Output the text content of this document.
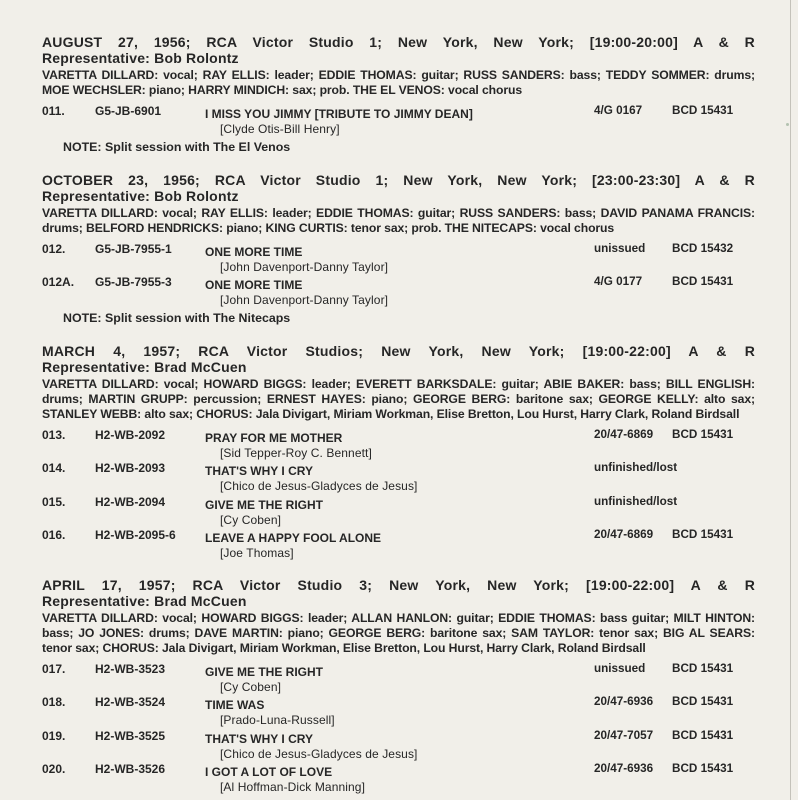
AUGUST 27, 1956; RCA Victor Studio 1; New York, New York; [19:00-20:00] A & R
Representative: Bob Rolontz
VARETTA DILLARD: vocal; RAY ELLIS: leader; EDDIE THOMAS: guitar; RUSS SANDERS: bass; TEDDY SOMMER: drums; MOE WECHSLER: piano; HARRY MINDICH: sax; prob. THE EL VENOS: vocal chorus
011.	G5-JB-6901	I MISS YOU JIMMY [TRIBUTE TO JIMMY DEAN]
[Clyde Otis-Bill Henry]
4/G 0167	BCD 15431
NOTE: Split session with The El Venos
OCTOBER 23, 1956; RCA Victor Studio 1; New York, New York; [23:00-23:30] A & R
Representative: Bob Rolontz
VARETTA DILLARD: vocal; RAY ELLIS: leader; EDDIE THOMAS: guitar; RUSS SANDERS: bass; DAVID PANAMA FRANCIS: drums; BELFORD HENDRICKS: piano; KING CURTIS: tenor sax; prob. THE NITECAPS: vocal chorus
012.	G5-JB-7955-1	ONE MORE TIME
[John Davenport-Danny Taylor]
unissued	BCD 15432
012A.	G5-JB-7955-3	ONE MORE TIME
[John Davenport-Danny Taylor]
4/G 0177	BCD 15431
NOTE: Split session with The Nitecaps
MARCH 4, 1957; RCA Victor Studios; New York, New York; [19:00-22:00] A & R
Representative: Brad McCuen
VARETTA DILLARD: vocal; HOWARD BIGGS: leader; EVERETT BARKSDALE: guitar; ABIE BAKER: bass; BILL ENGLISH: drums; MARTIN GRUPP: percussion; ERNEST HAYES: piano; GEORGE BERG: baritone sax; GEORGE KELLY: alto sax; STANLEY WEBB: alto sax; CHORUS: Jala Divigart, Miriam Workman, Elise Bretton, Lou Hurst, Harry Clark, Roland Birdsall
013.	H2-WB-2092	PRAY FOR ME MOTHER
[Sid Tepper-Roy C. Bennett]
20/47-6869	BCD 15431
014.	H2-WB-2093	THAT'S WHY I CRY
[Chico de Jesus-Gladyces de Jesus]
unfinished/lost
015.	H2-WB-2094	GIVE ME THE RIGHT
[Cy Coben]
unfinished/lost
016.	H2-WB-2095-6	LEAVE A HAPPY FOOL ALONE
[Joe Thomas]
20/47-6869	BCD 15431
APRIL 17, 1957; RCA Victor Studio 3; New York, New York; [19:00-22:00] A & R
Representative: Brad McCuen
VARETTA DILLARD: vocal; HOWARD BIGGS: leader; ALLAN HANLON: guitar; EDDIE THOMAS: bass guitar; MILT HINTON: bass; JO JONES: drums; DAVE MARTIN: piano; GEORGE BERG: baritone sax; SAM TAYLOR: tenor sax; BIG AL SEARS: tenor sax; CHORUS: Jala Divigart, Miriam Workman, Elise Bretton, Lou Hurst, Harry Clark, Roland Birdsall
017.	H2-WB-3523	GIVE ME THE RIGHT
[Cy Coben]
unissued	BCD 15431
018.	H2-WB-3524	TIME WAS
[Prado-Luna-Russell]
20/47-6936	BCD 15431
019.	H2-WB-3525	THAT'S WHY I CRY
[Chico de Jesus-Gladyces de Jesus]
20/47-7057	BCD 15431
020.	H2-WB-3526	I GOT A LOT OF LOVE
[Al Hoffman-Dick Manning]
20/47-6936	BCD 15431
